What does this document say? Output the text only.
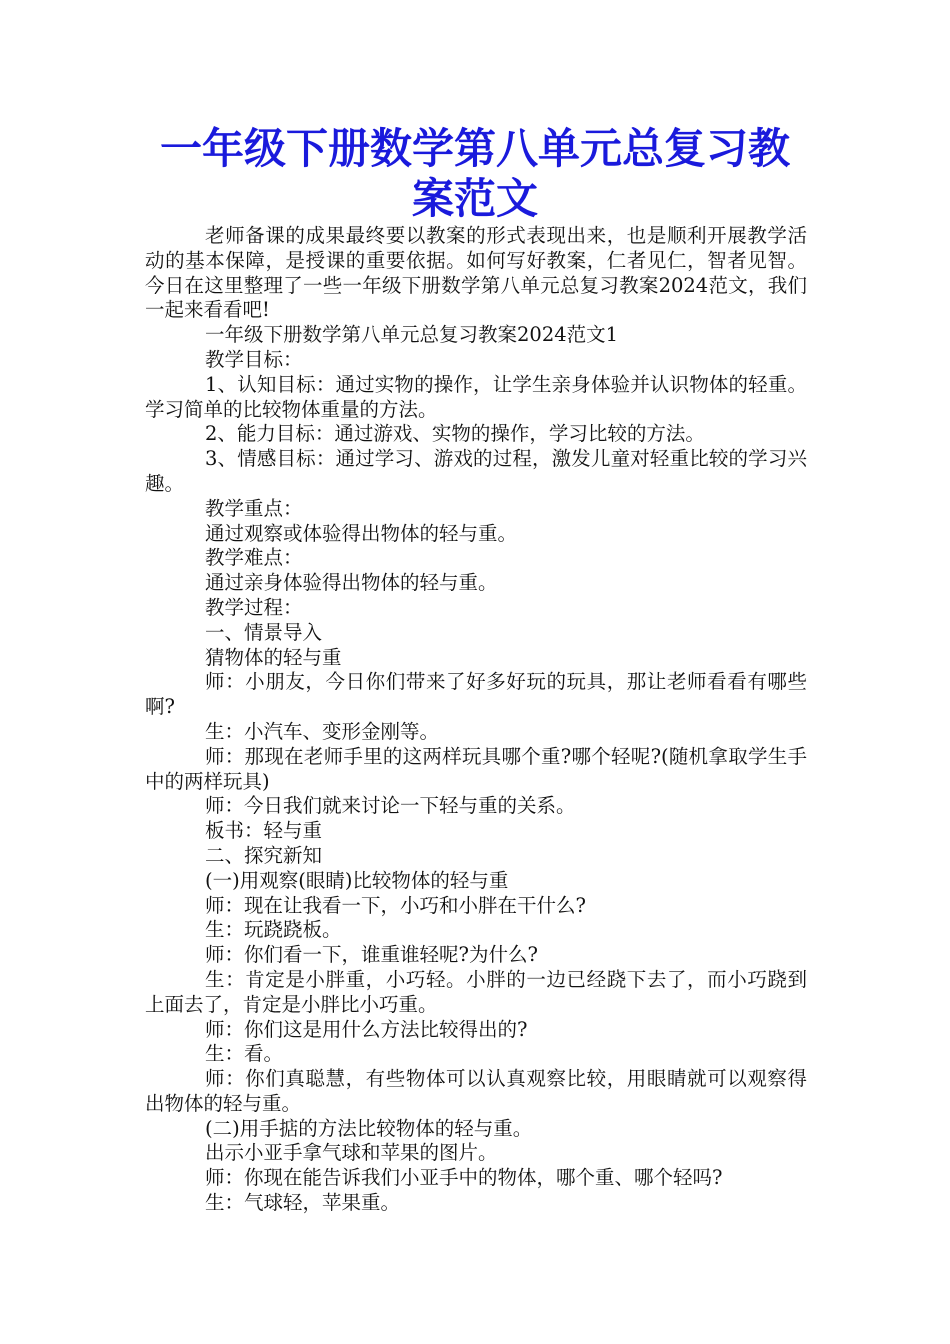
一年级下册数学第八单元总复习教案范文

老师备课的成果最终要以教案的形式表现出来，也是顺利开展教学活动的基本保障，是授课的重要依据。如何写好教案，仁者见仁，智者见智。今日在这里整理了一些一年级下册数学第八单元总复习教案2024范文，我们一起来看看吧!

一年级下册数学第八单元总复习教案2024范文1

教学目标：

1、认知目标：通过实物的操作，让学生亲身体验并认识物体的轻重。学习简单的比较物体重量的方法。

2、能力目标：通过游戏、实物的操作，学习比较的方法。

3、情感目标：通过学习、游戏的过程，激发儿童对轻重比较的学习兴趣。

教学重点：

通过观察或体验得出物体的轻与重。

教学难点：

通过亲身体验得出物体的轻与重。

教学过程：

一、情景导入

猜物体的轻与重

师：小朋友，今日你们带来了好多好玩的玩具，那让老师看看有哪些啊?

生：小汽车、变形金刚等。

师：那现在老师手里的这两样玩具哪个重?哪个轻呢?(随机拿取学生手中的两样玩具)

师：今日我们就来讨论一下轻与重的关系。

板书：轻与重

二、探究新知

(一)用观察(眼睛)比较物体的轻与重

师：现在让我看一下，小巧和小胖在干什么?

生：玩跷跷板。

师：你们看一下，谁重谁轻呢?为什么?

生：肯定是小胖重，小巧轻。小胖的一边已经跷下去了，而小巧跷到上面去了，肯定是小胖比小巧重。

师：你们这是用什么方法比较得出的?

生：看。

师：你们真聪慧，有些物体可以认真观察比较，用眼睛就可以观察得出物体的轻与重。

(二)用手掂的方法比较物体的轻与重。

出示小亚手拿气球和苹果的图片。

师：你现在能告诉我们小亚手中的物体，哪个重、哪个轻吗?

生：气球轻，苹果重。
